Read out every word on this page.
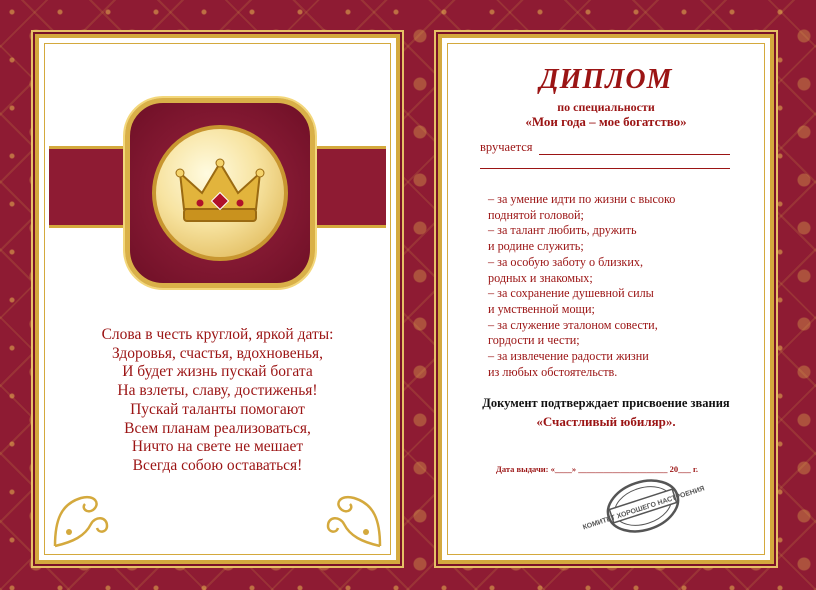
Слова в честь круглой, яркой даты:
Здоровья, счастья, вдохновенья,
И будет жизнь пускай богата
На взлеты, славу, достиженья!
Пускай таланты помогают
Всем планам реализоваться,
Ничто на свете не мешает
Всегда собою оставаться!
ДИПЛОМ
по специальности
«Мои года – мое богатство»
вручается
– за умение идти по жизни с высоко
поднятой головой;
– за талант любить, дружить
и родине служить;
– за особую заботу о близких,
родных и знакомых;
– за сохранение душевной силы
и умственной мощи;
– за служение эталоном совести,
гордости и чести;
– за извлечение радости жизни
из любых обстоятельств.
Документ подтверждает присвоение звания
«Счастливый юбиляр».
Дата выдачи: «____» _____________________ 20___ г.
КОМИТЕТ ХОРОШЕГО НАСТРОЕНИЯ
